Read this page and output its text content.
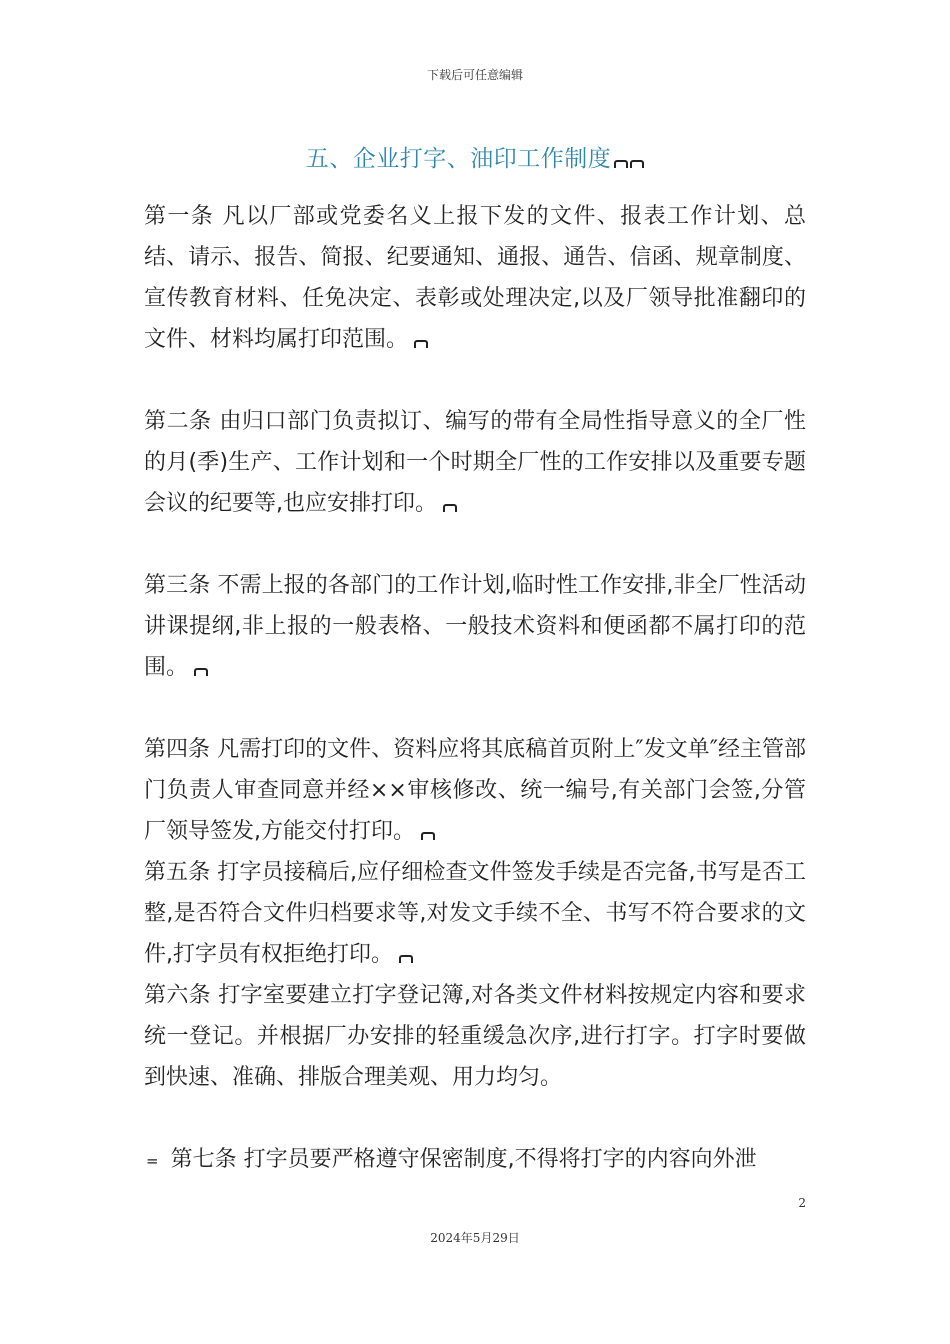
下载后可任意编辑
五、企业打字、油印工作制度

第一条 凡以厂部或党委名义上报下发的文件、报表工作计划、总结、请示、报告、简报、纪要通知、通报、通告、信函、规章制度、宣传教育材料、任免决定、表彰或处理决定,以及厂领导批准翻印的文件、材料均属打印范围。

第二条 由归口部门负责拟订、编写的带有全局性指导意义的全厂性的月(季)生产、工作计划和一个时期全厂性的工作安排以及重要专题会议的纪要等,也应安排打印。

第三条 不需上报的各部门的工作计划,临时性工作安排,非全厂性活动讲课提纲,非上报的一般表格、一般技术资料和便函都不属打印的范围。

第四条 凡需打印的文件、资料应将其底稿首页附上″发文单″经主管部门负责人审查同意并经××审核修改、统一编号,有关部门会签,分管厂领导签发,方能交付打印。

第五条 打字员接稿后,应仔细检查文件签发手续是否完备,书写是否工整,是否符合文件归档要求等,对发文手续不全、书写不符合要求的文件,打字员有权拒绝打印。

第六条 打字室要建立打字登记簿,对各类文件材料按规定内容和要求统一登记。并根据厂办安排的轻重缓急次序,进行打字。打字时要做到快速、准确、排版合理美观、用力均匀。

= 第七条 打字员要严格遵守保密制度,不得将打字的内容向外泄

2
2024年5月29日
